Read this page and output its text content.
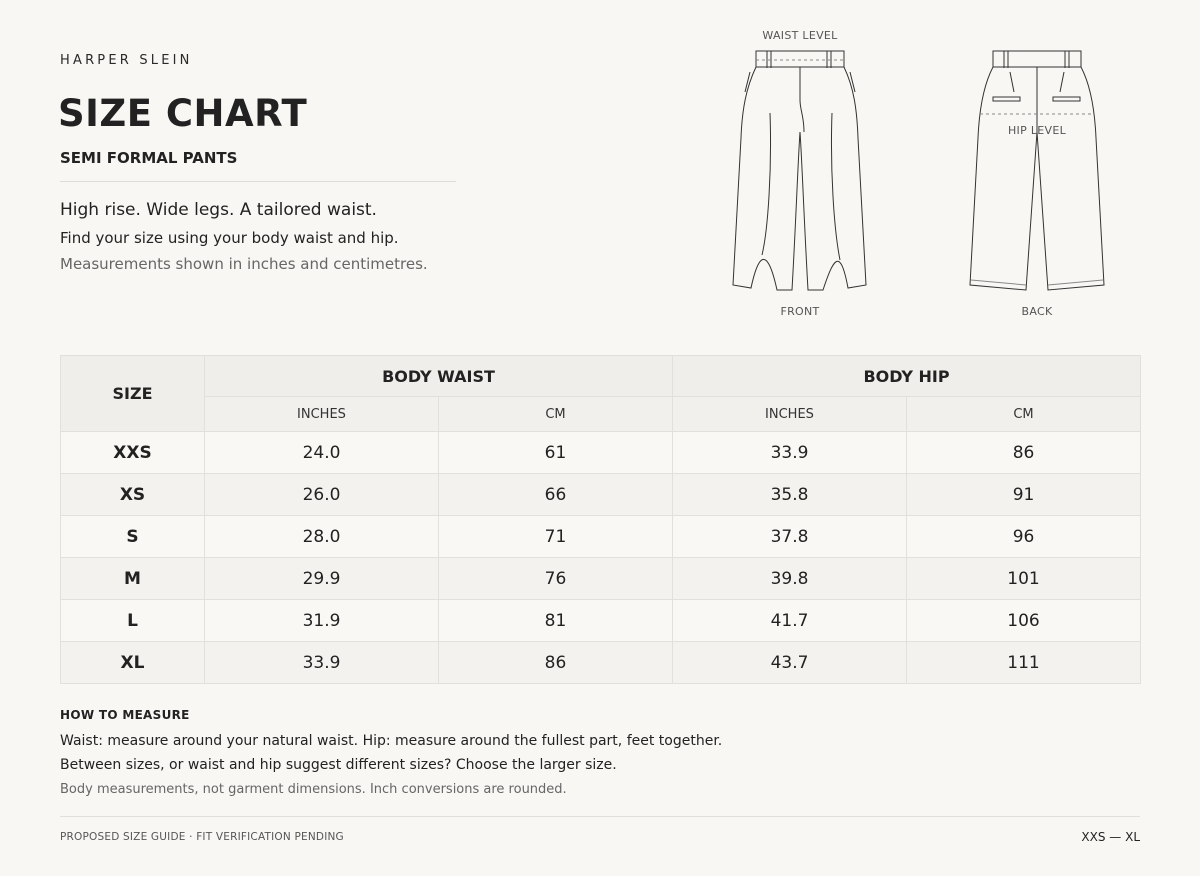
HARPER SLEIN
SIZE CHART
SEMI FORMAL PANTS
High rise. Wide legs. A tailored waist.
Find your size using your body waist and hip.
Measurements shown in inches and centimetres.
WAIST LEVEL
FRONT
HIP LEVEL
BACK
SIZE	BODY WAIST		BODY HIP	
	INCHES	CM	INCHES	CM
XXS	24.0	61	33.9	86
XS	26.0	66	35.8	91
S	28.0	71	37.8	96
M	29.9	76	39.8	101
L	31.9	81	41.7	106
XL	33.9	86	43.7	111
HOW TO MEASURE
Waist: measure around your natural waist. Hip: measure around the fullest part, feet together.
Between sizes, or waist and hip suggest different sizes? Choose the larger size.
Body measurements, not garment dimensions. Inch conversions are rounded.
PROPOSED SIZE GUIDE · FIT VERIFICATION PENDING	XXS — XL
